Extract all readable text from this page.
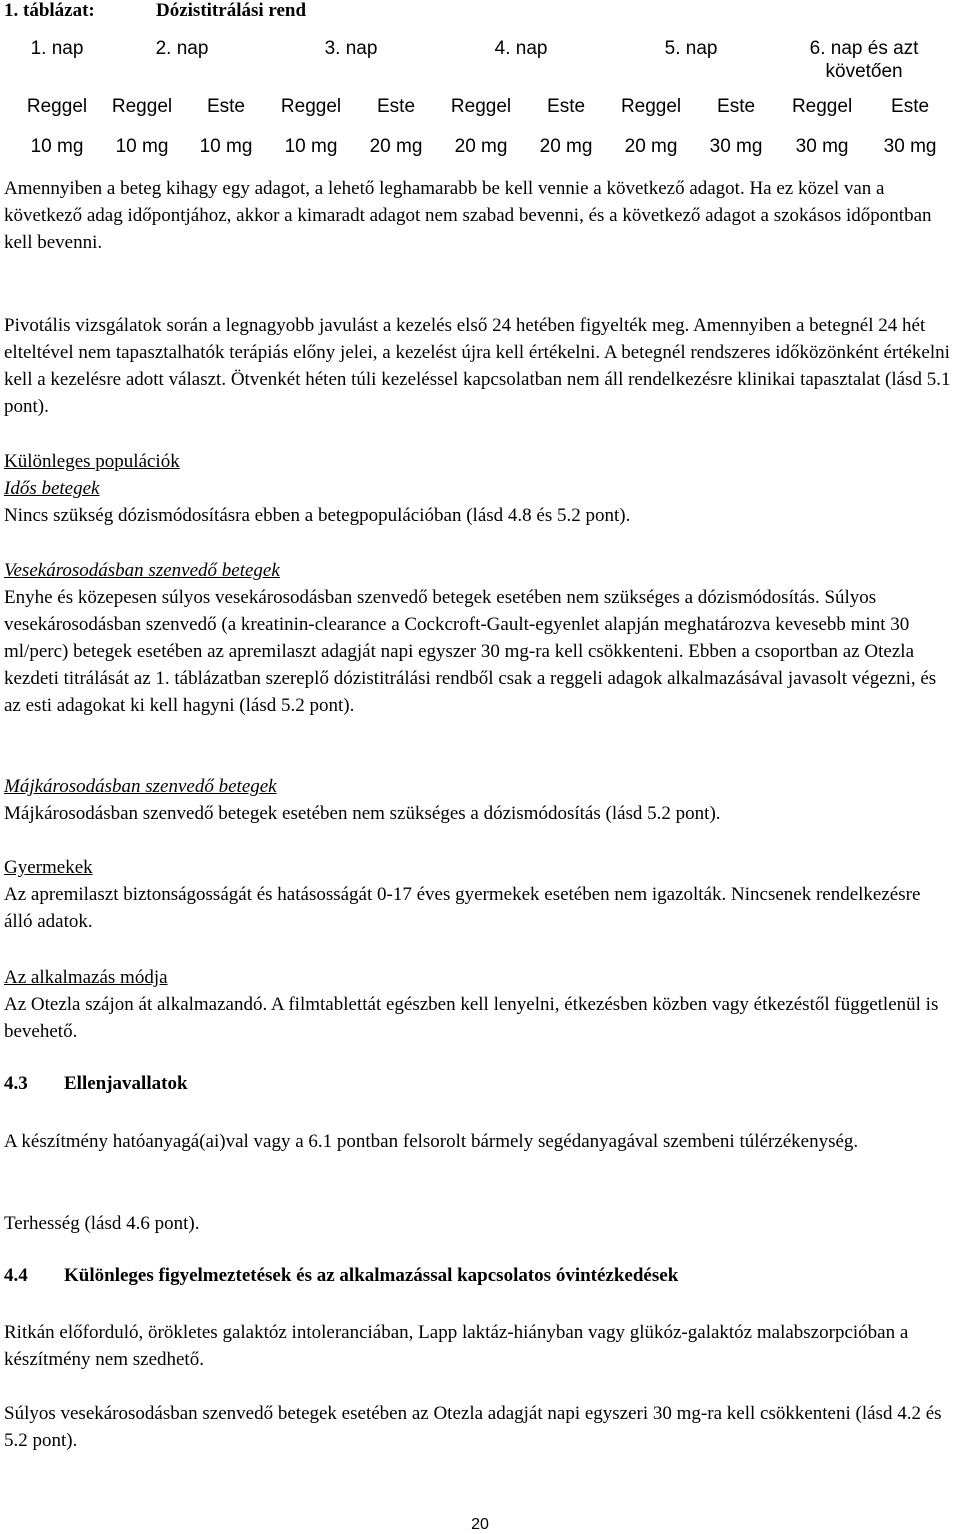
1. táblázat:	Dózistitrálási rend
1. nap	2. nap		3. nap		4. nap		5. nap		6. nap és azt követően	
Reggel	Reggel	Este	Reggel	Este	Reggel	Este	Reggel	Este	Reggel	Este
10 mg	10 mg	10 mg	10 mg	20 mg	20 mg	20 mg	20 mg	30 mg	30 mg	30 mg

Amennyiben a beteg kihagy egy adagot, a lehető leghamarabb be kell vennie a következő adagot. Ha ez közel van a következő adag időpontjához, akkor a kimaradt adagot nem szabad bevenni, és a következő adagot a szokásos időpontban kell bevenni.

Pivotális vizsgálatok során a legnagyobb javulást a kezelés első 24 hetében figyelték meg. Amennyiben a betegnél 24 hét elteltével nem tapasztalhatók terápiás előny jelei, a kezelést újra kell értékelni. A betegnél rendszeres időközönként értékelni kell a kezelésre adott választ. Ötvenkét héten túli kezeléssel kapcsolatban nem áll rendelkezésre klinikai tapasztalat (lásd 5.1 pont).

Különleges populációk

Idős betegek

Nincs szükség dózismódosításra ebben a betegpopulációban (lásd 4.8 és 5.2 pont).

Vesekárosodásban szenvedő betegek

Enyhe és közepesen súlyos vesekárosodásban szenvedő betegek esetében nem szükséges a dózismódosítás. Súlyos vesekárosodásban szenvedő (a kreatinin-clearance a Cockcroft-Gault-egyenlet alapján meghatározva kevesebb mint 30 ml/perc) betegek esetében az apremilaszt adagját napi egyszer 30 mg-ra kell csökkenteni. Ebben a csoportban az Otezla kezdeti titrálását az 1. táblázatban szereplő dózistitrálási rendből csak a reggeli adagok alkalmazásával javasolt végezni, és az esti adagokat ki kell hagyni (lásd 5.2 pont).

Májkárosodásban szenvedő betegek

Májkárosodásban szenvedő betegek esetében nem szükséges a dózismódosítás (lásd 5.2 pont).

Gyermekek

Az apremilaszt biztonságosságát és hatásosságát 0-17 éves gyermekek esetében nem igazolták. Nincsenek rendelkezésre álló adatok.

Az alkalmazás módja

Az Otezla szájon át alkalmazandó. A filmtablettát egészben kell lenyelni, étkezésben közben vagy étkezéstől függetlenül is bevehető.

4.3 Ellenjavallatok

A készítmény hatóanyagá(ai)val vagy a 6.1 pontban felsorolt bármely segédanyagával szembeni túlérzékenység.

Terhesség (lásd 4.6 pont).

4.4 Különleges figyelmeztetések és az alkalmazással kapcsolatos óvintézkedések

Ritkán előforduló, örökletes galaktóz intoleranciában, Lapp laktáz-hiányban vagy glükóz-galaktóz malabszorpcióban a készítmény nem szedhető.

Súlyos vesekárosodásban szenvedő betegek esetében az Otezla adagját napi egyszeri 30 mg-ra kell csökkenteni (lásd 4.2 és 5.2 pont).

20
